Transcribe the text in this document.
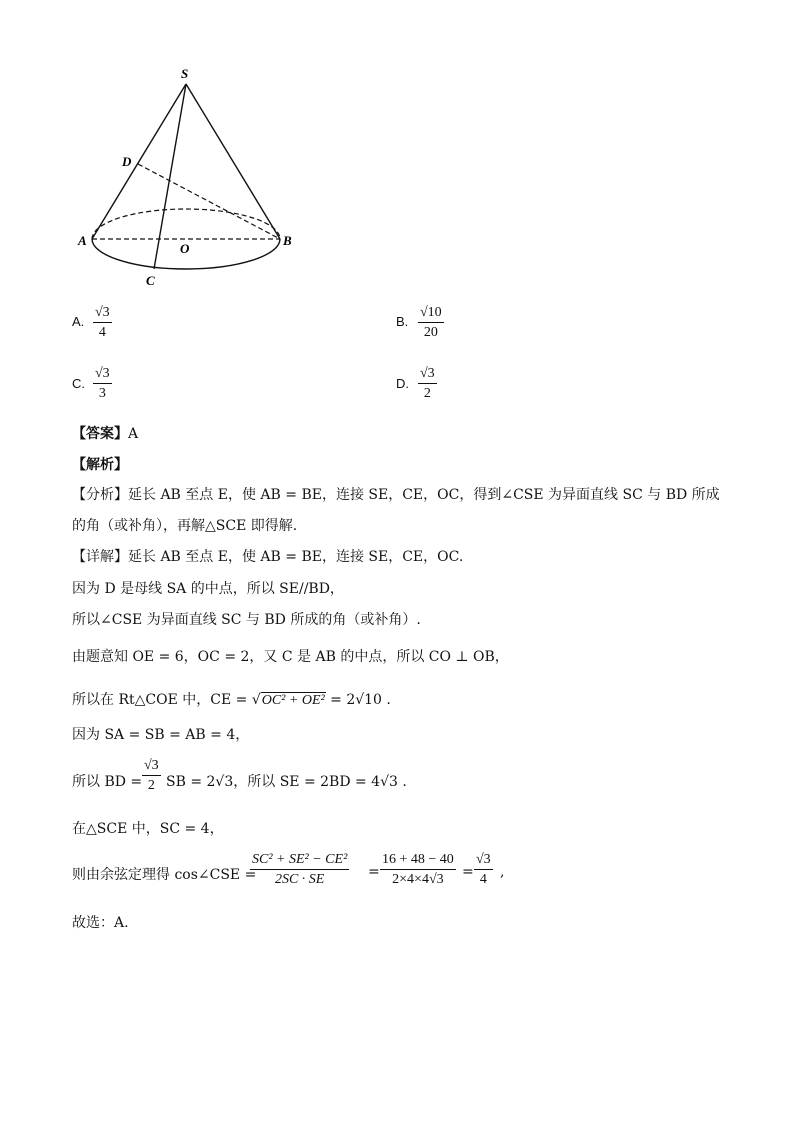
S
D
A
O
B
C
A. $\frac{√3}{4}$	B. $\frac{√10}{20}$
C. $\frac{√3}{3}$	D. $\frac{√3}{2}$
【答案】A
【解析】
【分析】延长 AB 至点 E，使 AB = BE，连接 SE，CE，OC，得到∠CSE 为异面直线 SC 与 BD 所成
的角（或补角），再解△SCE 即得解.
【详解】延长 AB 至点 E，使 AB = BE，连接 SE，CE，OC.
因为 D 是母线 SA 的中点，所以 SE//BD，
所以∠CSE 为异面直线 SC 与 BD 所成的角（或补角）.
由题意知 OE = 6，OC = 2，又 C 是 AB 的中点，所以 CO ⊥ OB，
所以在 Rt△COE 中，CE = √OC² + OE² = 2√10 .
因为 SA = SB = AB = 4，
所以 BD = $\frac{√3}{2}$ SB = 2√3，所以 SE = 2BD = 4√3 .
在△SCE 中，SC = 4，
则由余弦定理得 cos∠CSE =
$\frac{\text{SC² + SE² − CE²}}{2SC \cdot SE} = \frac{16 + 48 - 40}{2\times 4\times 4√3} = \frac{√3}{4}$ ,
故选：A.
